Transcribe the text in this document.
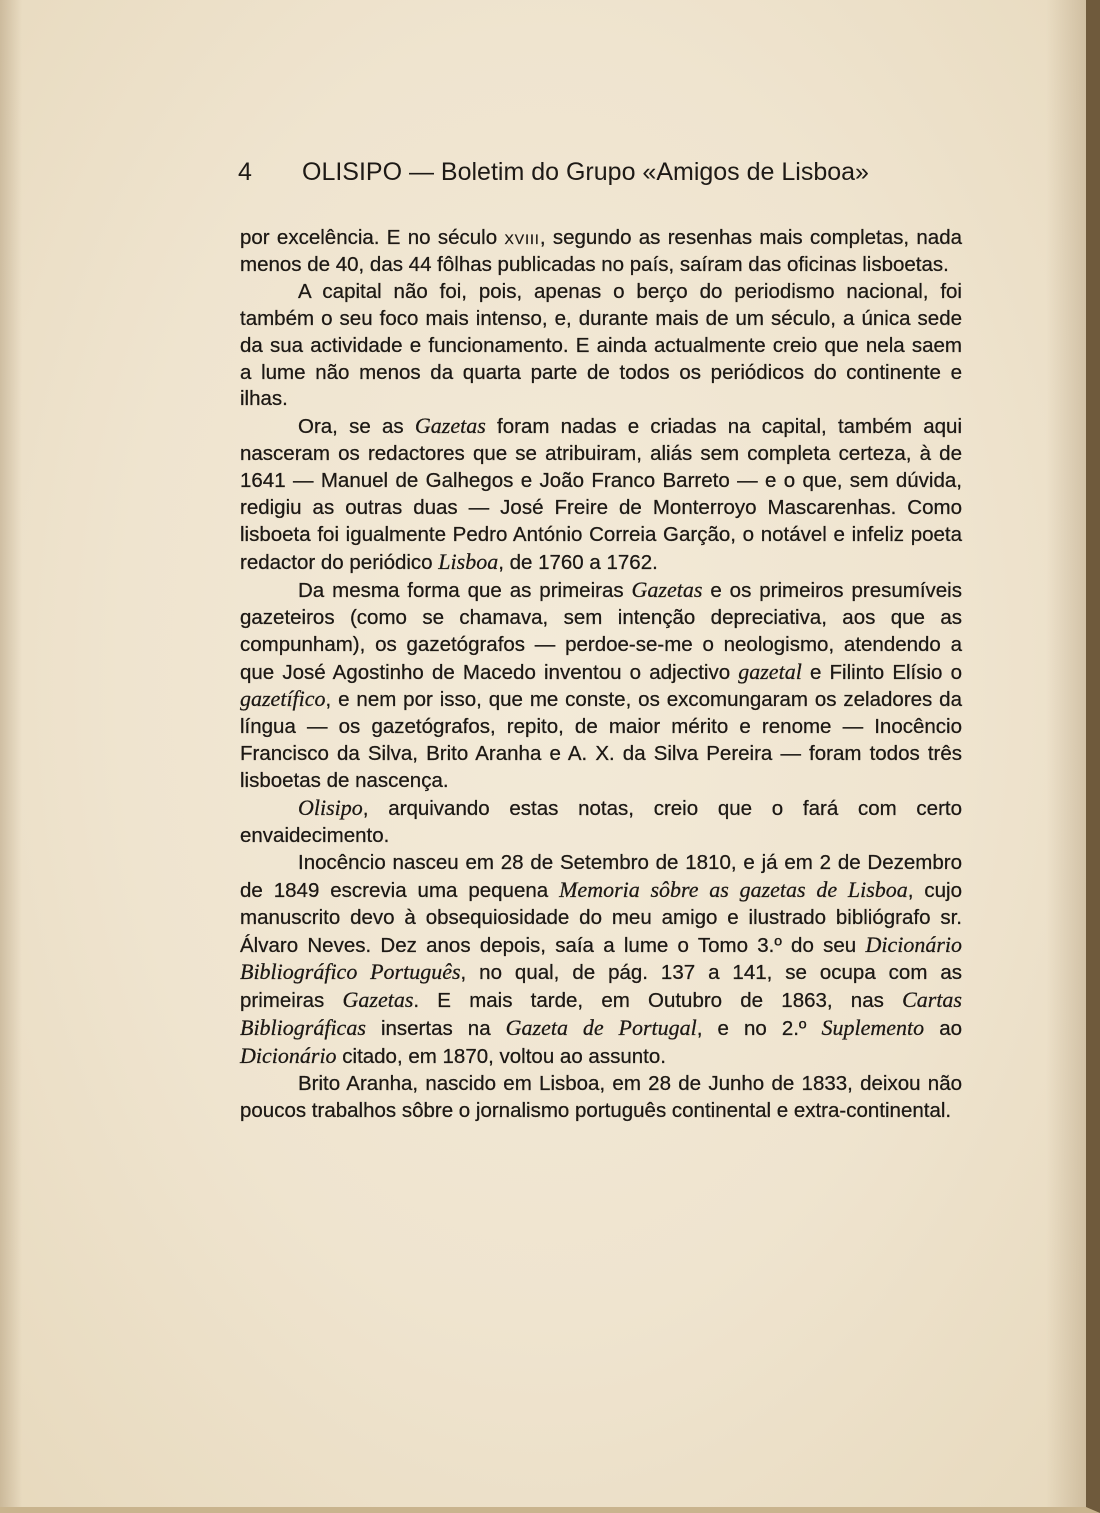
4 OLISIPO — Boletim do Grupo «Amigos de Lisboa»

por excelência. E no século xviii, segundo as resenhas mais completas, nada menos de 40, das 44 fôlhas publicadas no país, saíram das oficinas lisboetas.

A capital não foi, pois, apenas o berço do periodismo nacional, foi também o seu foco mais intenso, e, durante mais de um século, a única sede da sua actividade e funcionamento. E ainda actualmente creio que nela saem a lume não menos da quarta parte de todos os periódicos do continente e ilhas.

Ora, se as Gazetas foram nadas e criadas na capital, também aqui nasceram os redactores que se atribuiram, aliás sem completa certeza, à de 1641 — Manuel de Galhegos e João Franco Barreto — e o que, sem dúvida, redigiu as outras duas — José Freire de Monterroyo Mascarenhas. Como lisboeta foi igualmente Pedro António Correia Garção, o notável e infeliz poeta redactor do periódico Lisboa, de 1760 a 1762.

Da mesma forma que as primeiras Gazetas e os primeiros presumíveis gazeteiros (como se chamava, sem intenção depreciativa, aos que as compunham), os gazetógrafos — perdoe-se-me o neologismo, atendendo a que José Agostinho de Macedo inventou o adjectivo gazetal e Filinto Elísio o gazetífico, e nem por isso, que me conste, os excomungaram os zeladores da língua — os gazetógrafos, repito, de maior mérito e renome — Inocêncio Francisco da Silva, Brito Aranha e A. X. da Silva Pereira — foram todos três lisboetas de nascença.

Olisipo, arquivando estas notas, creio que o fará com certo envaidecimento.

Inocêncio nasceu em 28 de Setembro de 1810, e já em 2 de Dezembro de 1849 escrevia uma pequena Memoria sôbre as gazetas de Lisboa, cujo manuscrito devo à obsequiosidade do meu amigo e ilustrado bibliógrafo sr. Álvaro Neves. Dez anos depois, saía a lume o Tomo 3.º do seu Dicionário Bibliográfico Português, no qual, de pág. 137 a 141, se ocupa com as primeiras Gazetas. E mais tarde, em Outubro de 1863, nas Cartas Bibliográficas insertas na Gazeta de Portugal, e no 2.º Suplemento ao Dicionário citado, em 1870, voltou ao assunto.

Brito Aranha, nascido em Lisboa, em 28 de Junho de 1833, deixou não poucos trabalhos sôbre o jornalismo português continental e extra-continental.
